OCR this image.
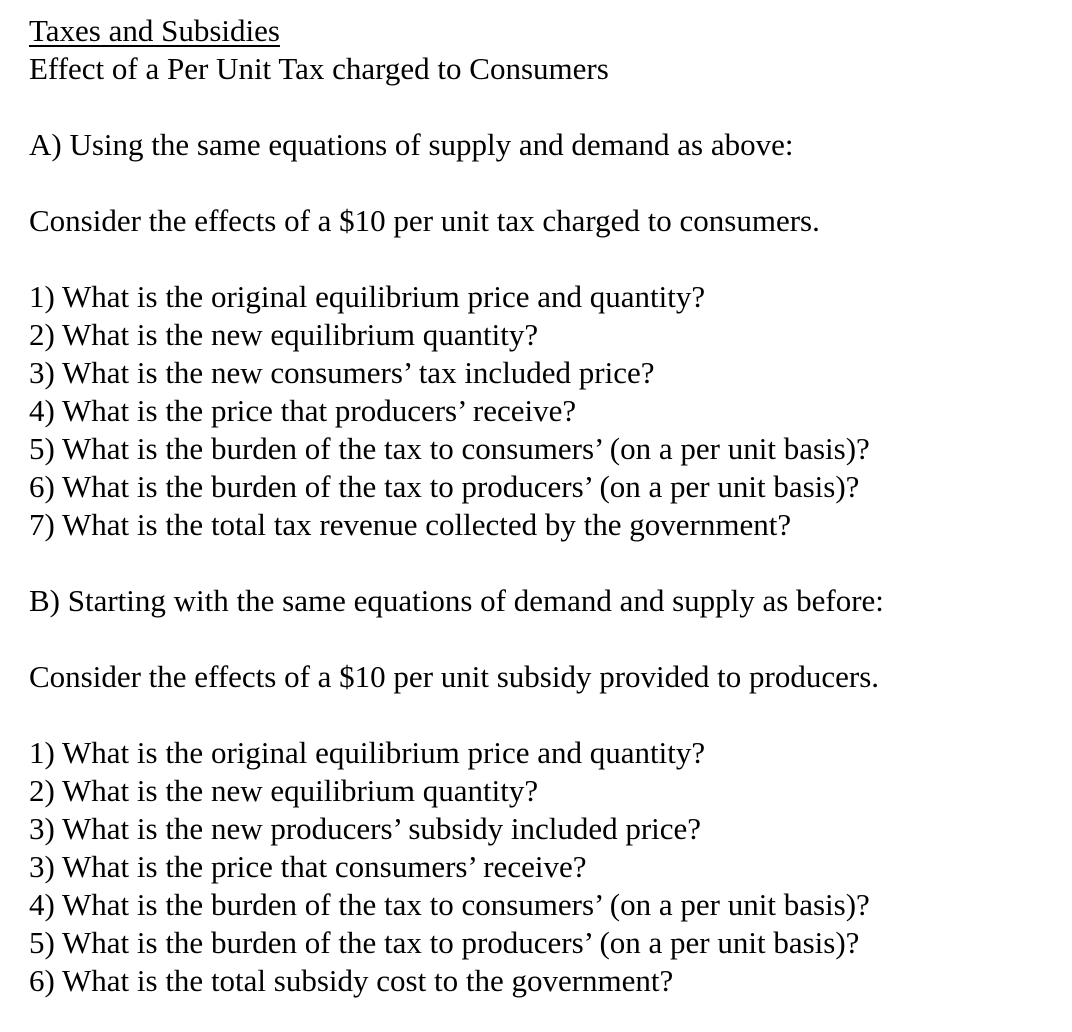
Taxes and Subsidies
Effect of a Per Unit Tax charged to Consumers
A) Using the same equations of supply and demand as above:
Consider the effects of a $10 per unit tax charged to consumers.
1) What is the original equilibrium price and quantity?
2) What is the new equilibrium quantity?
3) What is the new consumers’ tax included price?
4) What is the price that producers’ receive?
5) What is the burden of the tax to consumers’ (on a per unit basis)?
6) What is the burden of the tax to producers’ (on a per unit basis)?
7) What is the total tax revenue collected by the government?
B) Starting with the same equations of demand and supply as before:
Consider the effects of a $10 per unit subsidy provided to producers.
1) What is the original equilibrium price and quantity?
2) What is the new equilibrium quantity?
3) What is the new producers’ subsidy included price?
3) What is the price that consumers’ receive?
4) What is the burden of the tax to consumers’ (on a per unit basis)?
5) What is the burden of the tax to producers’ (on a per unit basis)?
6) What is the total subsidy cost to the government?
